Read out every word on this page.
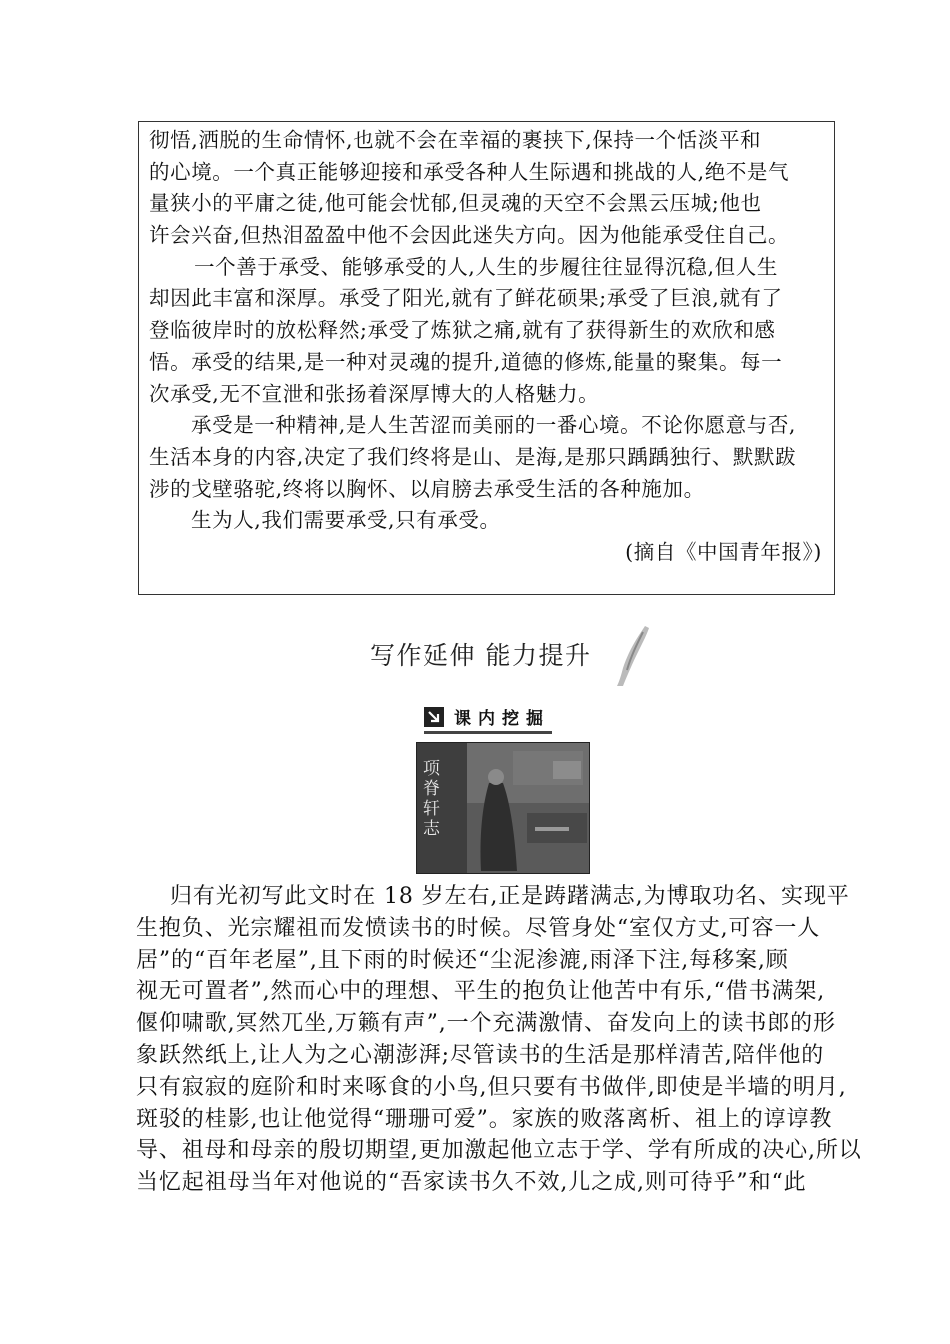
彻悟,洒脱的生命情怀,也就不会在幸福的裹挟下,保持一个恬淡平和
的心境。一个真正能够迎接和承受各种人生际遇和挑战的人,绝不是气
量狭小的平庸之徒,他可能会忧郁,但灵魂的天空不会黑云压城;他也
许会兴奋,但热泪盈盈中他不会因此迷失方向。因为他能承受住自己。
一个善于承受、能够承受的人,人生的步履往往显得沉稳,但人生
却因此丰富和深厚。承受了阳光,就有了鲜花硕果;承受了巨浪,就有了
登临彼岸时的放松释然;承受了炼狱之痛,就有了获得新生的欢欣和感
悟。承受的结果,是一种对灵魂的提升,道德的修炼,能量的聚集。每一
次承受,无不宣泄和张扬着深厚博大的人格魅力。
承受是一种精神,是人生苦涩而美丽的一番心境。不论你愿意与否,
生活本身的内容,决定了我们终将是山、是海,是那只踽踽独行、默默跋
涉的戈壁骆驼,终将以胸怀、以肩膀去承受生活的各种施加。
生为人,我们需要承受,只有承受。
(摘自《中国青年报》)
写作延伸 能力提升
课内挖掘
项脊轩志
归有光初写此文时在 18 岁左右,正是踌躇满志,为博取功名、实现平
生抱负、光宗耀祖而发愤读书的时候。尽管身处“室仅方丈,可容一人
居”的“百年老屋”,且下雨的时候还“尘泥渗漉,雨泽下注,每移案,顾
视无可置者”,然而心中的理想、平生的抱负让他苦中有乐,“借书满架,
偃仰啸歌,冥然兀坐,万籁有声”,一个充满激情、奋发向上的读书郎的形
象跃然纸上,让人为之心潮澎湃;尽管读书的生活是那样清苦,陪伴他的
只有寂寂的庭阶和时来啄食的小鸟,但只要有书做伴,即使是半墙的明月,
斑驳的桂影,也让他觉得“珊珊可爱”。家族的败落离析、祖上的谆谆教
导、祖母和母亲的殷切期望,更加激起他立志于学、学有所成的决心,所以
当忆起祖母当年对他说的“吾家读书久不效,儿之成,则可待乎”和“此
